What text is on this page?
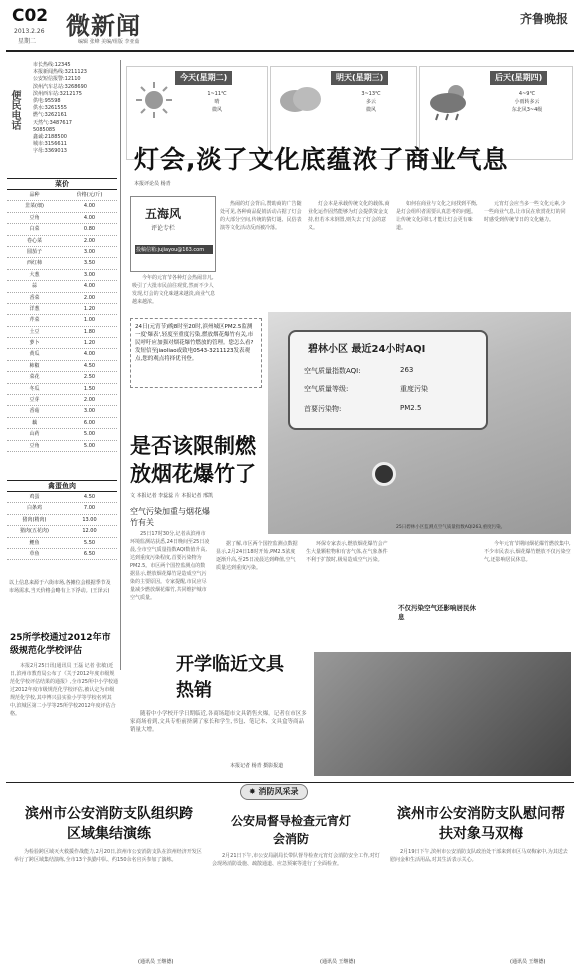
C02
2013.2.26
星期二
微新闻
编辑 张峰 美编/组版 李亚茹
齐鲁晚报
便民电话
市长热线:12345
本报新闻热线:3211123
公安短信报警:12110
滨州汽车总站:3268690
滨州西车站:3212175
供电:95598
供水:3261555
燃气:3262161
天然气:3487617
5085085
鑫诚:2188500
城市:3156611
字母:3369013
菜价
品种	价格(元/斤)
韭菜(细)	4.00
豆角	4.00
白菜	0.80
卷心菜	2.00
圆茄子	3.00
西红柿	3.50
大葱	3.00
蒜	4.00
香菜	2.00
洋葱	1.20
芹菜	1.00
土豆	1.80
萝卜	1.20
黄瓜	4.00
柿椒	4.50
菜花	2.50
冬瓜	1.50
豆芽	2.00
香菇	3.00
藕	6.00
山药	5.00
豆角	5.00
禽蛋鱼肉
鸡蛋	4.50
白条鸡	7.00
猪肉(精肉)	13.00
猪肉(五花肉)	12.00
鲤鱼	5.50
草鱼	6.50
以上信息来源于六街市场,各摊位会根据季节及市场需求,当天价格会略有上下浮动。(王泽云)
25所学校通过2012年市级规范化学校评估

本报2月25日讯(通讯员 王磊 记者 张敏)近日,滨州市教育局公布了《关于2012年度市级规范化学校评估结果的通报》,全市25所中小学校通过2012年度市级规范化学校评估,被认定为市级规范化学校,其中博兴县实验小学等学校名列其中,滨城区第二小学等25所学校2012年度评估合格。

今天(星期二)
1~11℃
晴
微风
明天(星期三)
3~13℃
多云
微风
后天(星期四)
4~9℃
小雨转多云
东北风3~4级
灯会,淡了文化底蕴浓了商业气息
本报评论员 杨青
五海风
评论专栏
投稿信箱:jujiayou@163.com

今年的元宵节各种灯会热闹非凡,吸引了大批市民前往观赏,然而不少人发现,灯会的文化味越来越淡,商业气息越来越浓。

热闹的灯会背后,赞助商的广告随处可见,各种商品促销活动占据了灯会的大部分空间,传统的猜灯谜、民俗表演等文化活动反而被冷落。

灯会本是承载传统文化的载体,商业化运作固然能够为灯会提供资金支持,但若本末倒置,则失去了灯会的意义。

如何在商业与文化之间找到平衡,是灯会组织者需要认真思考的问题。让传统文化回归,才能让灯会更有味道。

元宵灯会应当多一些文化元素,少一些商业气息,让市民在欣赏花灯的同时感受到传统节日的文化魅力。

24日(元宵节)晚8时至20时,滨州城区PM2.5监测一度'爆表',轻度至重度污染,燃放烟花爆竹有关,市民呼吁应加强对烟花爆竹燃放的管理。您怎么看?发短信至jiaoliao或致电0543-3211123发表观点,您的观点将择优刊登。

碧林小区 最近24小时AQI
空气质量指数AQI:	263
空气质量等级:	重度污染
首要污染物:	PM2.5
25日碧林小区监测点空气质量指数AQI263,重度污染。
是否该限制燃放烟花爆竹了
文 本报记者 李蕊蕊 片 本报记者 邢凯
空气污染加重与烟花爆竹有关

25日17时30分,记者从滨州市环境监测站获悉,24日晚间至25日凌晨,全市空气质量指数AQI数值升高,达到重度污染程度,首要污染物为PM2.5。市区两个国控监测点的数据显示,燃放烟花爆竹是造成空气污染的主要原因。专家提醒,市民应尽量减少燃放烟花爆竹,共同维护城市空气质量。

据了解,市区两个国控监测点数据显示,2月24日18时开始,PM2.5浓度逐渐升高,至25日凌晨达到峰值,空气质量达到重度污染。

环保专家表示,燃放烟花爆竹会产生大量颗粒物和有害气体,在气象条件不利于扩散时,极易造成空气污染。

不仅污染空气还影响居民休息

今年元宵节期间烟花爆竹燃放集中,不少市民表示,烟花爆竹燃放不仅污染空气,还影响居民休息。

开学临近文具热销

随着中小学校开学日期临近,各商场超市文具销售火爆。记者在市区多家商场看到,文具专柜前挤满了家长和学生,书包、笔记本、文具盒等商品销量大增。

本报记者 杨青 摄影报道
✸ 消防风采录
滨州市公安消防支队组织跨区域集结演练

为检验跨区域灭火救援作战能力,2月20日,滨州市公安消防支队在滨州经济开发区举行了跨区域集结演练,全市13个执勤中队、约150余名官兵参加了演练。

(通讯员 王继德)
公安局督导检查元宵灯会消防

2月21日下午,市公安局副局长带队督导检查元宵灯会消防安全工作,对灯会现场消防设施、疏散通道、应急预案等进行了全面检查。

(通讯员 王继德)
滨州市公安消防支队慰问帮扶对象马双梅

2月19日下午,滨州市公安消防支队政治处干部来到市区马双梅家中,为其送去慰问金和生活用品,对其生活表示关心。

(通讯员 王继德)
